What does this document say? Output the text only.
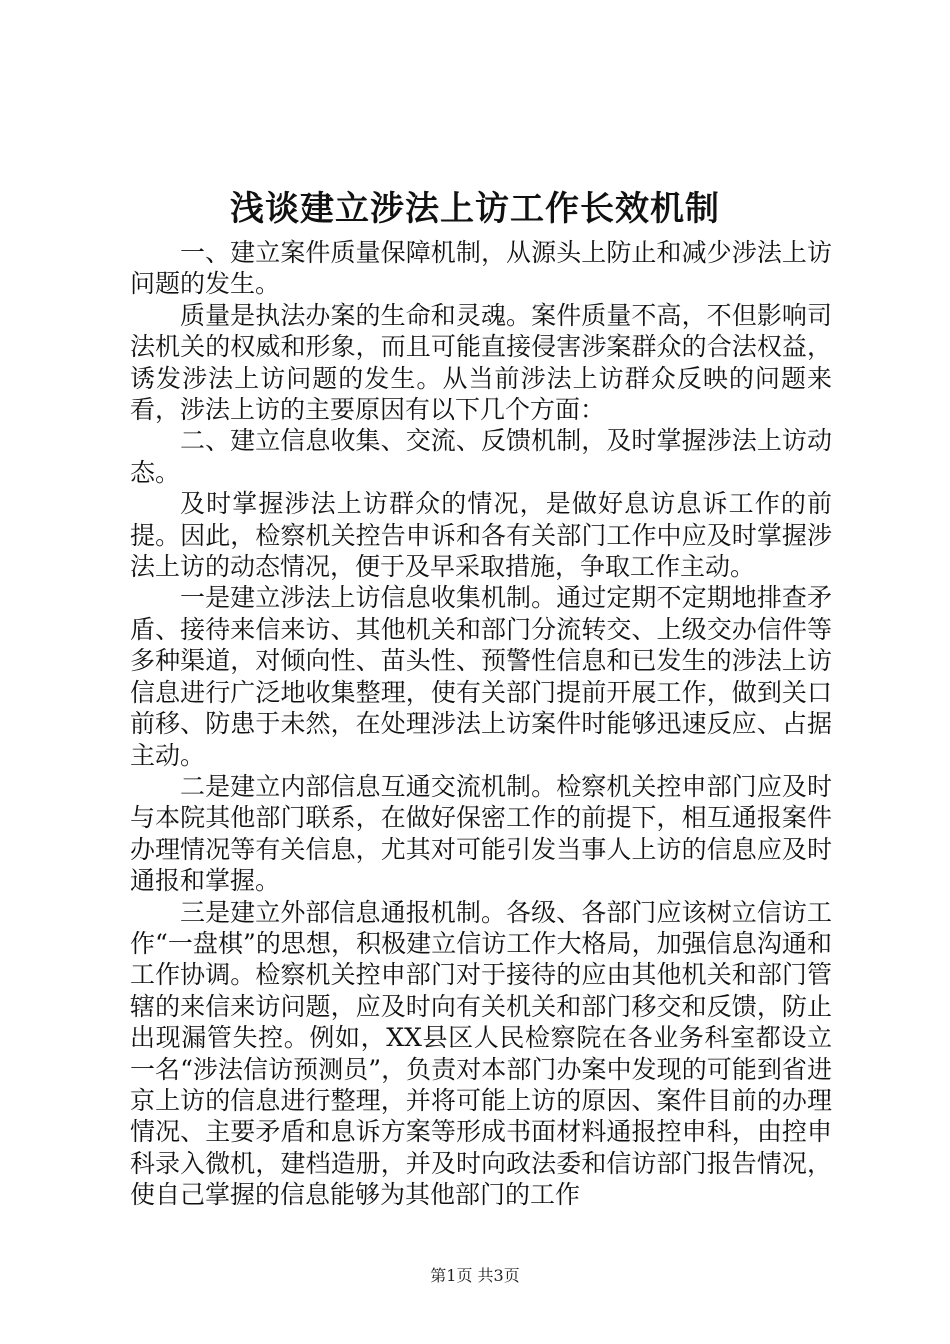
浅谈建立涉法上访工作长效机制

一、建立案件质量保障机制，从源头上防止和减少涉法上访问题的发生。

质量是执法办案的生命和灵魂。案件质量不高，不但影响司法机关的权威和形象，而且可能直接侵害涉案群众的合法权益，诱发涉法上访问题的发生。从当前涉法上访群众反映的问题来看，涉法上访的主要原因有以下几个方面：

二、建立信息收集、交流、反馈机制，及时掌握涉法上访动态。

及时掌握涉法上访群众的情况，是做好息访息诉工作的前提。因此，检察机关控告申诉和各有关部门工作中应及时掌握涉法上访的动态情况，便于及早采取措施，争取工作主动。

一是建立涉法上访信息收集机制。通过定期不定期地排查矛盾、接待来信来访、其他机关和部门分流转交、上级交办信件等多种渠道，对倾向性、苗头性、预警性信息和已发生的涉法上访信息进行广泛地收集整理，使有关部门提前开展工作，做到关口前移、防患于未然，在处理涉法上访案件时能够迅速反应、占据主动。

二是建立内部信息互通交流机制。检察机关控申部门应及时与本院其他部门联系，在做好保密工作的前提下，相互通报案件办理情况等有关信息，尤其对可能引发当事人上访的信息应及时通报和掌握。

三是建立外部信息通报机制。各级、各部门应该树立信访工作“一盘棋”的思想，积极建立信访工作大格局，加强信息沟通和工作协调。检察机关控申部门对于接待的应由其他机关和部门管辖的来信来访问题，应及时向有关机关和部门移交和反馈，防止出现漏管失控。例如，XX县区人民检察院在各业务科室都设立一名“涉法信访预测员”，负责对本部门办案中发现的可能到省进京上访的信息进行整理，并将可能上访的原因、案件目前的办理情况、主要矛盾和息诉方案等形成书面材料通报控申科，由控申科录入微机，建档造册，并及时向政法委和信访部门报告情况，使自己掌握的信息能够为其他部门的工作

第1页 共3页
